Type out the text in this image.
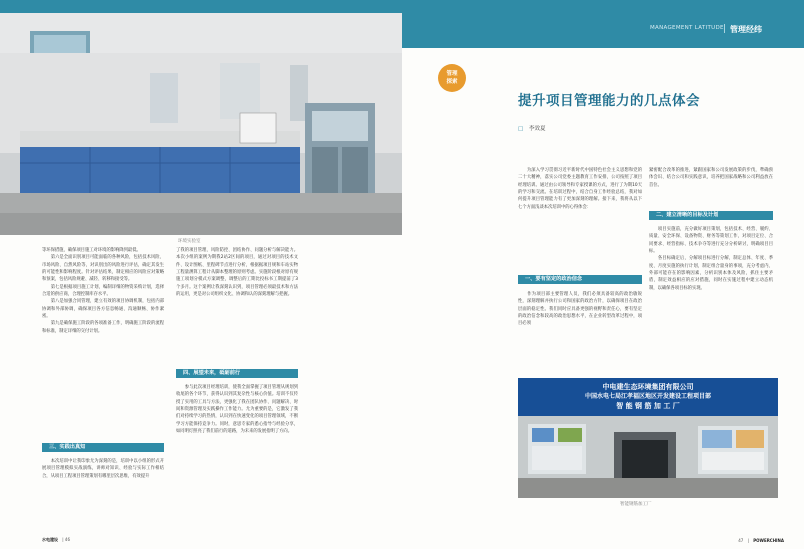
环境实验室
等环保措施，确保项目施工对环境的影响降到最低。
　　第六是全面识别项目可能面临的各种风险，包括技术风险、市场风险、自然风险等，对识别出的风险进行评估，确定其发生的可能性和影响程度。针对评估结果，制定相应的风险应对策略和预案，包括风险规避、减轻、转移和接受等。
　　第七是根据项目施工计划，编制详细的物资采购计划，选择合适的供应商，合理控制库存水平。
　　第八是加强合同管理，建立有效的项目协调机制，包括内部协调和外部协调，确保项目各方信息畅通、沟通顺畅、协作紧密。
　　第九是确保施工阶段的各项准备工作，明确施工阶段的流程和标准，制定详细的交付计划。
三、实践出真知
　　本次培训中让我印象尤为深刻的是，培训中以小组的形式开展项目管理模拟实战演练，讲师对知识、经验与实际工作相结合，从项目工程项目管理策划有哪里层次思维，有效提升
了我的项目管理、风险防控、团结协作、问题分析与解决能力。本次小组的案例为期我2站2区间的项目，通过对项目的技术文件、设计图纸、里程碑节点进行分析，根据据项目规和车站实物工程量测算工程计从脚本整理的原则考虑。实施阶段根对原有规施工项划分模式方案调整，调整后的工期比投标书工期提前了3个多月。这个案例让我深刻认识到，项目管理必须最技术和方法的运用，更是对公司组织文化、协调和认的深刻理解与把握。
四、展望未来，砥砺前行
　　参与此次项目经理培训，使我全面掌握了项目管理从规划到收尾的各个环节，获得认识到其复杂性与核心价值。培训不仅传授了实用的工具与方法，更强化了我在团队协作、问题解决、时间和资源管理及实践操作工作能力。尤为重要的是，它激发了我们对持续学习的热情，认识到在快速变化的项目管理领域，不断学习方能保持竞争力。同时，意思专家的悉心指导与经验分享，如同明灯照亮了我们前行的道路，为未来的发展指明了方向。
水电建设 | 46
MANAGEMENT LATITUDE 管理经纬
管理
探索
提升项目管理能力的几点体会
□ 李效夏
　　为深入学习贯彻习近平新时代中国特色社会主义思想和党的二十大精神，落实公司党委主题教育工作安排，公司按照了项目经理培训。通过由公司领导和专家授课的方式，进行了为期10天的学习和交流。在培训过程中，结合自身工作经验总结，我对如何提升项目管理能力有了更加深刻的理解。接下来，我将从以下七个方面浅谈本次培训中的心得体会：
一、要有坚定的政治信念
　　作为项目部主要管理人员，我们必须具备较高的政治敏锐性，深刻理解并执行公司和国家的政治方针，以确保项目在政治层面的稳定性。我们同时应具备更强的视野和责任心，要有坚定的政治信念和较高的政治思想水平，在企业转型改革过程中，项目必须
紧密配合改革的推进，紧跟国家和公司发展政策的步伐，準确预体会识、结合公司和实践意识，培养把国家战略和公司利益放在首位。
二、建立清晰的目标及计划
　　项目实施前，充分做好项目策划，包括技术、经营、履约、质量、安全环保、设备物资、财务等策划工作，对项目定位、合同要求、经营指标、技术争夺等进行充分分析研讨，明确项目目标。
　　各目标确定后，分解项目标进行分解，制定总体、年度、季度、月度实施的执行计划，制定组合量身的事项，充分考虑内、外部可能存在的影响因素，分析识别本体及风险，抓住主要矛盾，制定效益相应的应对措施，同时在实施过程中建立动态机制，以确保各项目标的实现。
中电建生态环境集团有限公司
中国水电七局江孝福区地区开发建设工程项目部
智 能 钢 筋 加 工 厂
智能钢筋加工厂
47 | POWERCHINA
